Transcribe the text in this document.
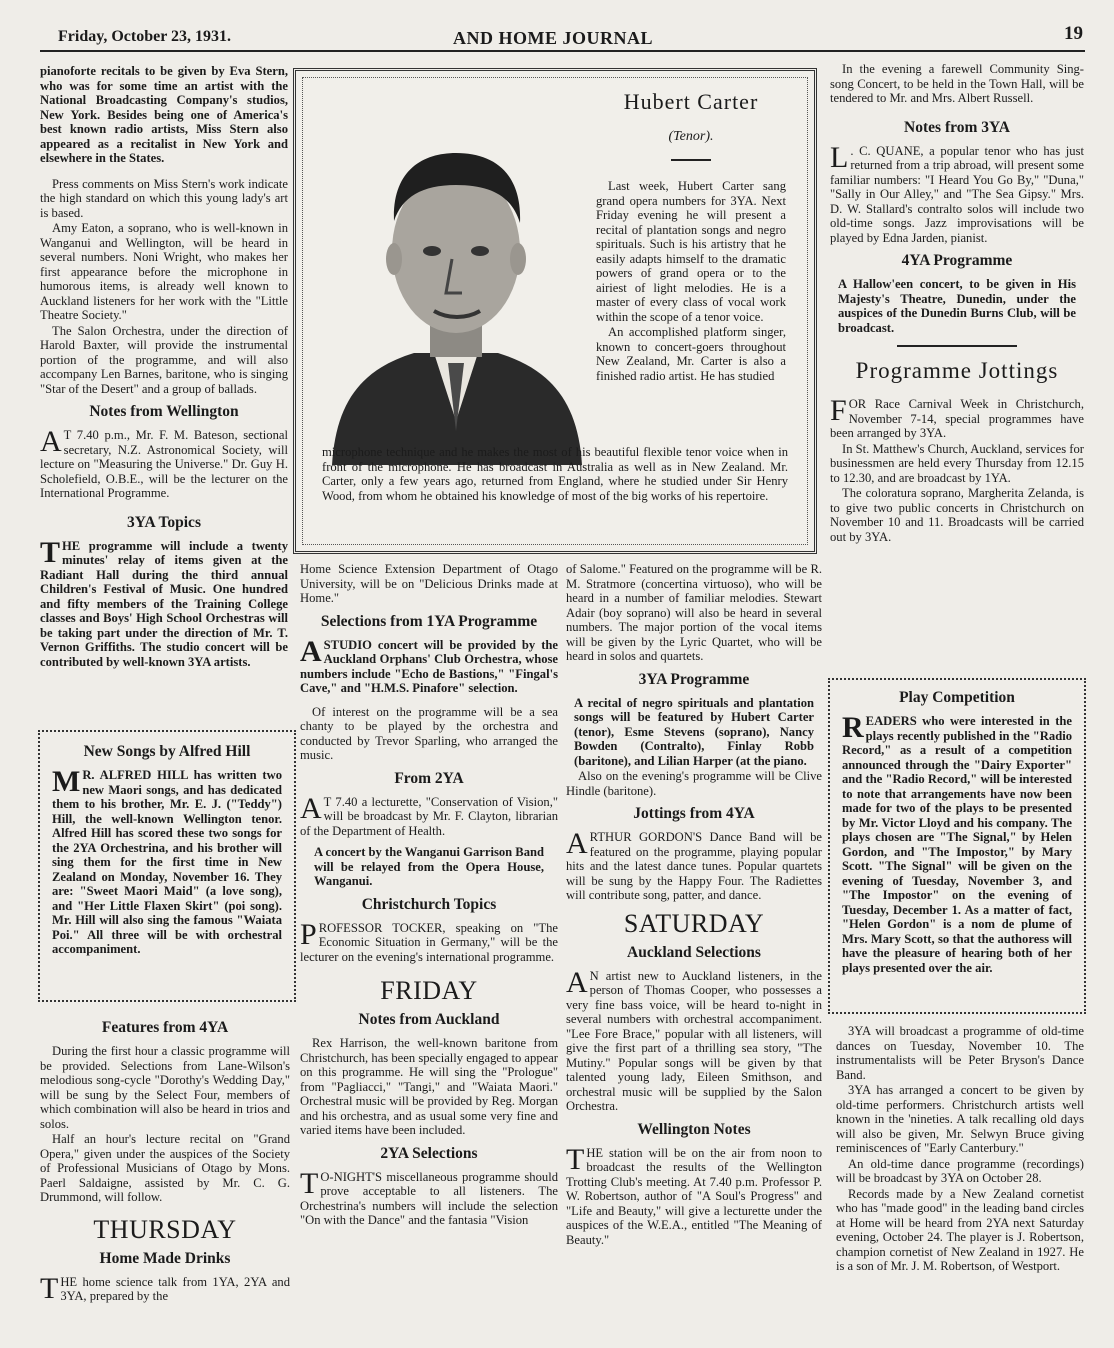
Friday, October 23, 1931.	AND HOME JOURNAL	19

pianoforte recitals to be given by Eva Stern, who was for some time an artist with the National Broadcasting Company's studios, New York. Besides being one of America's best known radio artists, Miss Stern also appeared as a recitalist in New York and elsewhere in the States.

Press comments on Miss Stern's work indicate the high standard on which this young lady's art is based.

Amy Eaton, a soprano, who is well-known in Wanganui and Wellington, will be heard in several numbers. Noni Wright, who makes her first appearance before the microphone in humorous items, is already well known to Auckland listeners for her work with the "Little Theatre Society."

The Salon Orchestra, under the direction of Harold Baxter, will provide the instrumental portion of the programme, and will also accompany Len Barnes, baritone, who is singing "Star of the Desert" and a group of ballads.

Notes from Wellington

A T 7.40 p.m., Mr. F. M. Bateson, sectional secretary, N.Z. Astronomical Society, will lecture on "Measuring the Universe." Dr. Guy H. Scholefield, O.B.E., will be the lecturer on the International Programme.

3YA Topics

THE programme will include a twenty minutes' relay of items given at the Radiant Hall during the third annual Children's Festival of Music. One hundred and fifty members of the Training College classes and Boys' High School Orchestras will be taking part under the direction of Mr. T. Vernon Griffiths. The studio concert will be contributed by well-known 3YA artists.

New Songs by Alfred Hill

M R. ALFRED HILL has written two new Maori songs, and has dedicated them to his brother, Mr. E. J. ("Teddy") Hill, the well-known Wellington tenor. Alfred Hill has scored these two songs for the 2YA Orchestrina, and his brother will sing them for the first time in New Zealand on Monday, November 16. They are: "Sweet Maori Maid" (a love song), and "Her Little Flaxen Skirt" (poi song). Mr. Hill will also sing the famous "Waiata Poi." All three will be with orchestral accompaniment.

Features from 4YA

During the first hour a classic programme will be provided. Selections from Lane-Wilson's melodious song-cycle "Dorothy's Wedding Day," will be sung by the Select Four, members of which combination will also be heard in trios and solos.

Half an hour's lecture recital on "Grand Opera," given under the auspices of the Society of Professional Musicians of Otago by Mons. Paerl Saldaigne, assisted by Mr. C. G. Drummond, will follow.

THURSDAY
Home Made Drinks

THE home science talk from 1YA, 2YA and 3YA, prepared by the

Hubert Carter
(Tenor).

Last week, Hubert Carter sang grand opera numbers for 3YA. Next Friday evening he will present a recital of plantation songs and negro spirituals. Such is his artistry that he easily adapts himself to the dramatic powers of grand opera or to the airiest of light melodies. He is a master of every class of vocal work within the scope of a tenor voice.

An accomplished platform singer, known to concert-goers throughout New Zealand, Mr. Carter is also a finished radio artist. He has studied

microphone technique and he makes the most of his beautiful flexible tenor voice when in front of the microphone. He has broadcast in Australia as well as in New Zealand. Mr. Carter, only a few years ago, returned from England, where he studied under Sir Henry Wood, from whom he obtained his knowledge of most of the big works of his repertoire.

Home Science Extension Department of Otago University, will be on "Delicious Drinks made at Home."

Selections from 1YA Programme

ASTUDIO concert will be provided by the Auckland Orphans' Club Orchestra, whose numbers include "Echo de Bastions," "Fingal's Cave," and "H.M.S. Pinafore" selection.

Of interest on the programme will be a sea chanty to be played by the orchestra and conducted by Trevor Sparling, who arranged the music.

From 2YA

A T 7.40 a lecturette, "Conservation of Vision," will be broadcast by Mr. F. Clayton, librarian of the Department of Health.

A concert by the Wanganui Garrison Band will be relayed from the Opera House, Wanganui.

Christchurch Topics

PROFESSOR TOCKER, speaking on "The Economic Situation in Germany," will be the lecturer on the evening's international programme.

FRIDAY
Notes from Auckland

Rex Harrison, the well-known baritone from Christchurch, has been specially engaged to appear on this programme. He will sing the "Prologue" from "Pagliacci," "Tangi," and "Waiata Maori." Orchestral music will be provided by Reg. Morgan and his orchestra, and as usual some very fine and varied items have been included.

2YA Selections

T O-NIGHT'S miscellaneous programme should prove acceptable to all listeners. The Orchestrina's numbers will include the selection "On with the Dance" and the fantasia "Vision

of Salome." Featured on the programme will be R. M. Stratmore (concertina virtuoso), who will be heard in a number of familiar melodies. Stewart Adair (boy soprano) will also be heard in several numbers. The major portion of the vocal items will be given by the Lyric Quartet, who will be heard in solos and quartets.

3YA Programme

A recital of negro spirituals and plantation songs will be featured by Hubert Carter (tenor), Esme Stevens (soprano), Nancy Bowden (Contralto), Finlay Robb (baritone), and Lilian Harper (at the piano.

Also on the evening's programme will be Clive Hindle (baritone).

Jottings from 4YA

ARTHUR GORDON'S Dance Band will be featured on the programme, playing popular hits and the latest dance tunes. Popular quartets will be sung by the Happy Four. The Radiettes will contribute song, patter, and dance.

SATURDAY
Auckland Selections

A N artist new to Auckland listeners, in the person of Thomas Cooper, who possesses a very fine bass voice, will be heard to-night in several numbers with orchestral accompaniment. "Lee Fore Brace," popular with all listeners, will give the first part of a thrilling sea story, "The Mutiny." Popular songs will be given by that talented young lady, Eileen Smithson, and orchestral music will be supplied by the Salon Orchestra.

Wellington Notes

THE station will be on the air from noon to broadcast the results of the Wellington Trotting Club's meeting. At 7.40 p.m. Professor P. W. Robertson, author of "A Soul's Progress" and "Life and Beauty," will give a lecturette under the auspices of the W.E.A., entitled "The Meaning of Beauty."

In the evening a farewell Community Sing-song Concert, to be held in the Town Hall, will be tendered to Mr. and Mrs. Albert Russell.

Notes from 3YA

L . C. QUANE, a popular tenor who has just returned from a trip abroad, will present some familiar numbers: "I Heard You Go By," "Duna," "Sally in Our Alley," and "The Sea Gipsy." Mrs. D. W. Stallard's contralto solos will include two old-time songs. Jazz improvisations will be played by Edna Jarden, pianist.

4YA Programme

A Hallow'een concert, to be given in His Majesty's Theatre, Dunedin, under the auspices of the Dunedin Burns Club, will be broadcast.

Programme Jottings

FOR Race Carnival Week in Christchurch, November 7-14, special programmes have been arranged by 3YA.

In St. Matthew's Church, Auckland, services for businessmen are held every Thursday from 12.15 to 12.30, and are broadcast by 1YA.

The coloratura soprano, Margherita Zelanda, is to give two public concerts in Christchurch on November 10 and 11. Broadcasts will be carried out by 3YA.

Play Competition

READERS who were interested in the plays recently published in the "Radio Record," as a result of a competition announced through the "Dairy Exporter" and the "Radio Record," will be interested to note that arrangements have now been made for two of the plays to be presented by Mr. Victor Lloyd and his company. The plays chosen are "The Signal," by Helen Gordon, and "The Impostor," by Mary Scott. "The Signal" will be given on the evening of Tuesday, November 3, and "The Impostor" on the evening of Tuesday, December 1. As a matter of fact, "Helen Gordon" is a nom de plume of Mrs. Mary Scott, so that the authoress will have the pleasure of hearing both of her plays presented over the air.

3YA will broadcast a programme of old-time dances on Tuesday, November 10. The instrumentalists will be Peter Bryson's Dance Band.

3YA has arranged a concert to be given by old-time performers. Christchurch artists well known in the 'nineties. A talk recalling old days will also be given, Mr. Selwyn Bruce giving reminiscences of "Early Canterbury."

An old-time dance programme (recordings) will be broadcast by 3YA on October 28.

Records made by a New Zealand cornetist who has "made good" in the leading band circles at Home will be heard from 2YA next Saturday evening, October 24. The player is J. Robertson, champion cornetist of New Zealand in 1927. He is a son of Mr. J. M. Robertson, of Westport.
